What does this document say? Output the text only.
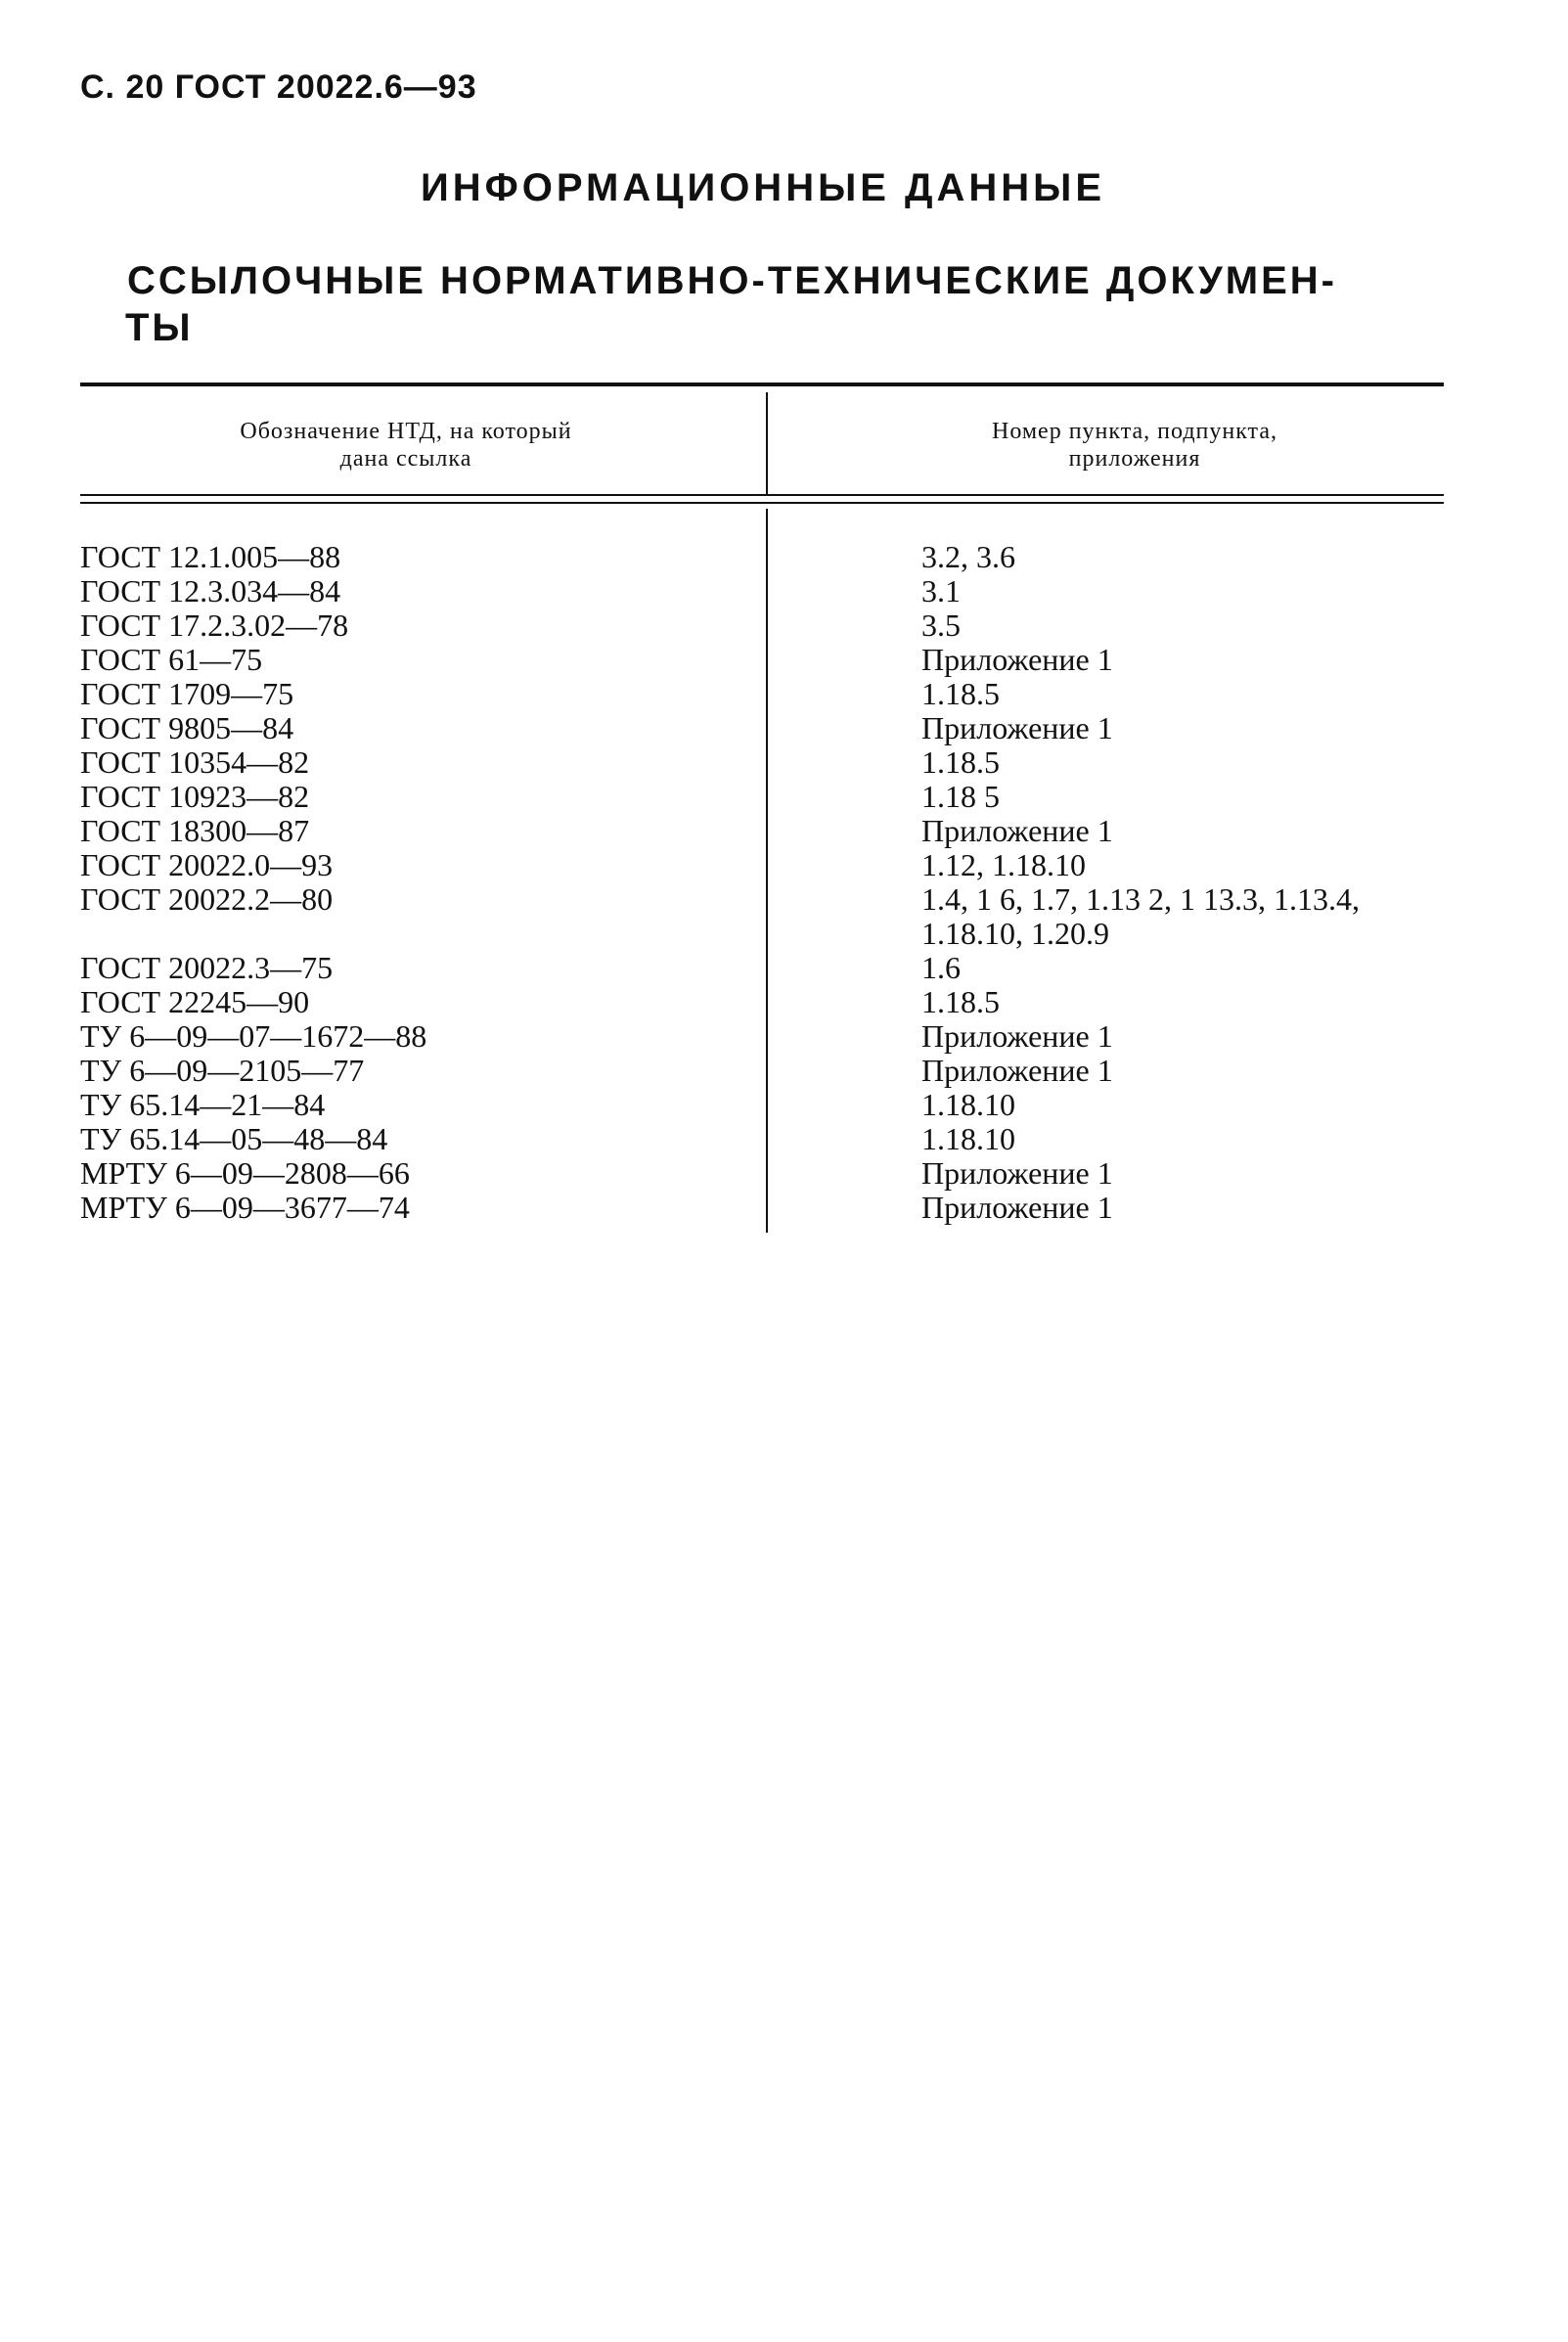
С. 20 ГОСТ 20022.6—93
ИНФОРМАЦИОННЫЕ ДАННЫЕ
ССЫЛОЧНЫЕ НОРМАТИВНО-ТЕХНИЧЕСКИЕ ДОКУМЕН-
ТЫ
Обозначение НТД, на который
дана ссылка
Номер пункта, подпункта,
приложения
ГОСТ 12.1.005—88	3.2, 3.6
ГОСТ 12.3.034—84	3.1
ГОСТ 17.2.3.02—78	3.5
ГОСТ 61—75	Приложение 1
ГОСТ 1709—75	1.18.5
ГОСТ 9805—84	Приложение 1
ГОСТ 10354—82	1.18.5
ГОСТ 10923—82	1.18 5
ГОСТ 18300—87	Приложение 1
ГОСТ 20022.0—93	1.12, 1.18.10
ГОСТ 20022.2—80	1.4, 1 6, 1.7, 1.13 2, 1 13.3, 1.13.4, 1.18.10, 1.20.9
ГОСТ 20022.3—75	1.6
ГОСТ 22245—90	1.18.5
ТУ 6—09—07—1672—88	Приложение 1
ТУ 6—09—2105—77	Приложение 1
ТУ 65.14—21—84	1.18.10
ТУ 65.14—05—48—84	1.18.10
МРТУ 6—09—2808—66	Приложение 1
МРТУ 6—09—3677—74	Приложение 1
